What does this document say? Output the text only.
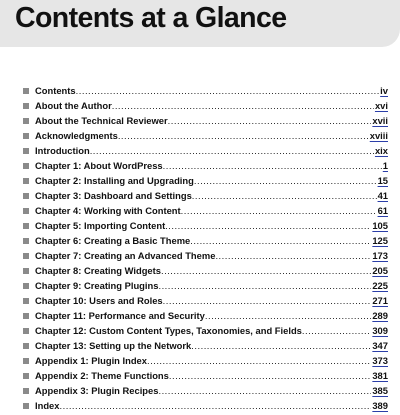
Contents at a Glance
Contents .....	iv
About the Author .....	xvi
About the Technical Reviewer .....	xvii
Acknowledgments .....	xviii
Introduction .....	xix
Chapter 1: About WordPress .....	1
Chapter 2: Installing and Upgrading .....	15
Chapter 3: Dashboard and Settings .....	41
Chapter 4: Working with Content .....	61
Chapter 5: Importing Content .....	105
Chapter 6: Creating a Basic Theme .....	125
Chapter 7: Creating an Advanced Theme .....	173
Chapter 8: Creating Widgets .....	205
Chapter 9: Creating Plugins .....	225
Chapter 10: Users and Roles .....	271
Chapter 11: Performance and Security .....	289
Chapter 12: Custom Content Types, Taxonomies, and Fields .....	309
Chapter 13: Setting up the Network .....	347
Appendix 1: Plugin Index .....	373
Appendix 2: Theme Functions .....	381
Appendix 3: Plugin Recipes .....	385
Index .....	389
